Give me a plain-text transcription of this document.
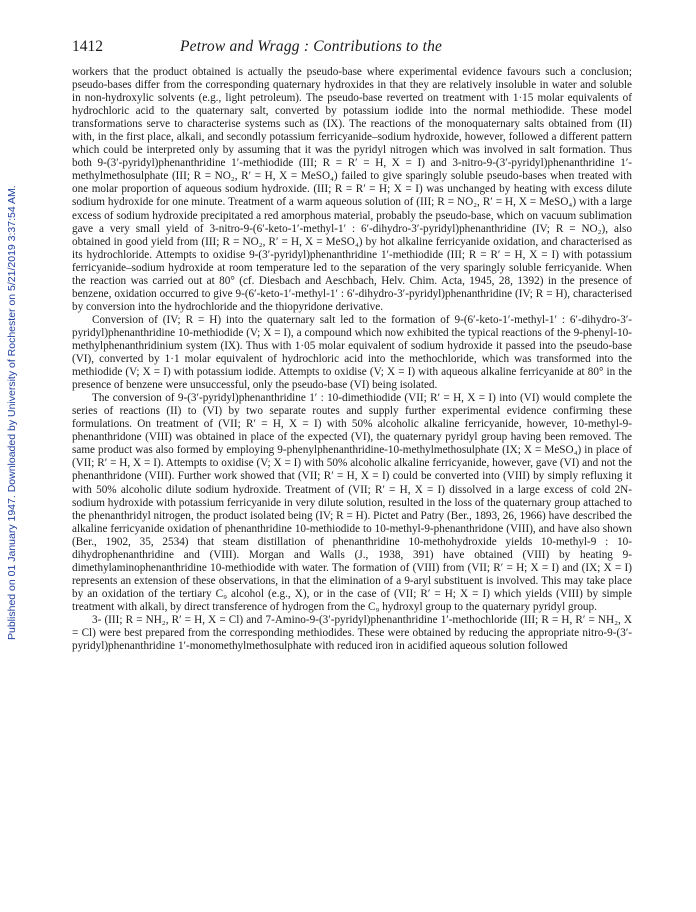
Published on 01 January 1947. Downloaded by University of Rochester on 5/21/2019 3:37:54 AM.
1412	Petrow and Wragg : Contributions to the

workers that the product obtained is actually the pseudo-base where experimental evidence favours such a conclusion; pseudo-bases differ from the corresponding quaternary hydroxides in that they are relatively insoluble in water and soluble in non-hydroxylic solvents (e.g., light petroleum). The pseudo-base reverted on treatment with 1·15 molar equivalents of hydrochloric acid to the quaternary salt, converted by potassium iodide into the normal methiodide. These model transformations serve to characterise systems such as (IX). The reactions of the monoquaternary salts obtained from (II) with, in the first place, alkali, and secondly potassium ferricyanide–sodium hydroxide, however, followed a different pattern which could be interpreted only by assuming that it was the pyridyl nitrogen which was involved in salt formation. Thus both 9-(3′-pyridyl)phenanthridine 1′-methiodide (III; R = R′ = H, X = I) and 3-nitro-9-(3′-pyridyl)phenanthridine 1′-methylmethosulphate (III; R = NO₂, R′ = H, X = MeSO₄) failed to give sparingly soluble pseudo-bases when treated with one molar proportion of aqueous sodium hydroxide. (III; R = R′ = H; X = I) was unchanged by heating with excess dilute sodium hydroxide for one minute. Treatment of a warm aqueous solution of (III; R = NO₂, R′ = H, X = MeSO₄) with a large excess of sodium hydroxide precipitated a red amorphous material, probably the pseudo-base, which on vacuum sublimation gave a very small yield of 3-nitro-9-(6′-keto-1′-methyl-1′ : 6′-dihydro-3′-pyridyl)phenanthridine (IV; R = NO₂), also obtained in good yield from (III; R = NO₂, R′ = H, X = MeSO₄) by hot alkaline ferricyanide oxidation, and characterised as its hydrochloride. Attempts to oxidise 9-(3′-pyridyl)phenanthridine 1′-methiodide (III; R = R′ = H, X = I) with potassium ferricyanide–sodium hydroxide at room temperature led to the separation of the very sparingly soluble ferricyanide. When the reaction was carried out at 80° (cf. Diesbach and Aeschbach, Helv. Chim. Acta, 1945, 28, 1392) in the presence of benzene, oxidation occurred to give 9-(6′-keto-1′-methyl-1′ : 6′-dihydro-3′-pyridyl)phenanthridine (IV; R = H), characterised by conversion into the hydrochloride and the thiopyridone derivative.

Conversion of (IV; R = H) into the quaternary salt led to the formation of 9-(6′-keto-1′-methyl-1′ : 6′-dihydro-3′-pyridyl)phenanthridine 10-methiodide (V; X = I), a compound which now exhibited the typical reactions of the 9-phenyl-10-methylphenanthridinium system (IX). Thus with 1·05 molar equivalent of sodium hydroxide it passed into the pseudo-base (VI), converted by 1·1 molar equivalent of hydrochloric acid into the methochloride, which was transformed into the methiodide (V; X = I) with potassium iodide. Attempts to oxidise (V; X = I) with aqueous alkaline ferricyanide at 80° in the presence of benzene were unsuccessful, only the pseudo-base (VI) being isolated.

The conversion of 9-(3′-pyridyl)phenanthridine 1′ : 10-dimethiodide (VII; R′ = H, X = I) into (VI) would complete the series of reactions (II) to (VI) by two separate routes and supply further experimental evidence confirming these formulations. On treatment of (VII; R′ = H, X = I) with 50% alcoholic alkaline ferricyanide, however, 10-methyl-9-phenanthridone (VIII) was obtained in place of the expected (VI), the quaternary pyridyl group having been removed. The same product was also formed by employing 9-phenylphenanthridine-10-methylmethosulphate (IX; X = MeSO₄) in place of (VII; R′ = H, X = I). Attempts to oxidise (V; X = I) with 50% alcoholic alkaline ferricyanide, however, gave (VI) and not the phenanthridone (VIII). Further work showed that (VII; R′ = H, X = I) could be converted into (VIII) by simply refluxing it with 50% alcoholic dilute sodium hydroxide. Treatment of (VII; R′ = H, X = I) dissolved in a large excess of cold 2N-sodium hydroxide with potassium ferricyanide in very dilute solution, resulted in the loss of the quaternary group attached to the phenanthridyl nitrogen, the product isolated being (IV; R = H). Pictet and Patry (Ber., 1893, 26, 1966) have described the alkaline ferricyanide oxidation of phenanthridine 10-methiodide to 10-methyl-9-phenanthridone (VIII), and have also shown (Ber., 1902, 35, 2534) that steam distillation of phenanthridine 10-methohydroxide yields 10-methyl-9 : 10-dihydrophenanthridine and (VIII). Morgan and Walls (J., 1938, 391) have obtained (VIII) by heating 9-dimethylaminophenanthridine 10-methiodide with water. The formation of (VIII) from (VII; R′ = H; X = I) and (IX; X = I) represents an extension of these observations, in that the elimination of a 9-aryl substituent is involved. This may take place by an oxidation of the tertiary C₉ alcohol (e.g., X), or in the case of (VII; R′ = H; X = I) which yields (VIII) by simple treatment with alkali, by direct transference of hydrogen from the C₉ hydroxyl group to the quaternary pyridyl group.

3- (III; R = NH₂, R′ = H, X = Cl) and 7-Amino-9-(3′-pyridyl)phenanthridine 1′-methochloride (III; R = H, R′ = NH₂, X = Cl) were best prepared from the corresponding methiodides. These were obtained by reducing the appropriate nitro-9-(3′-pyridyl)phenanthridine 1′-monomethylmethosulphate with reduced iron in acidified aqueous solution followed
